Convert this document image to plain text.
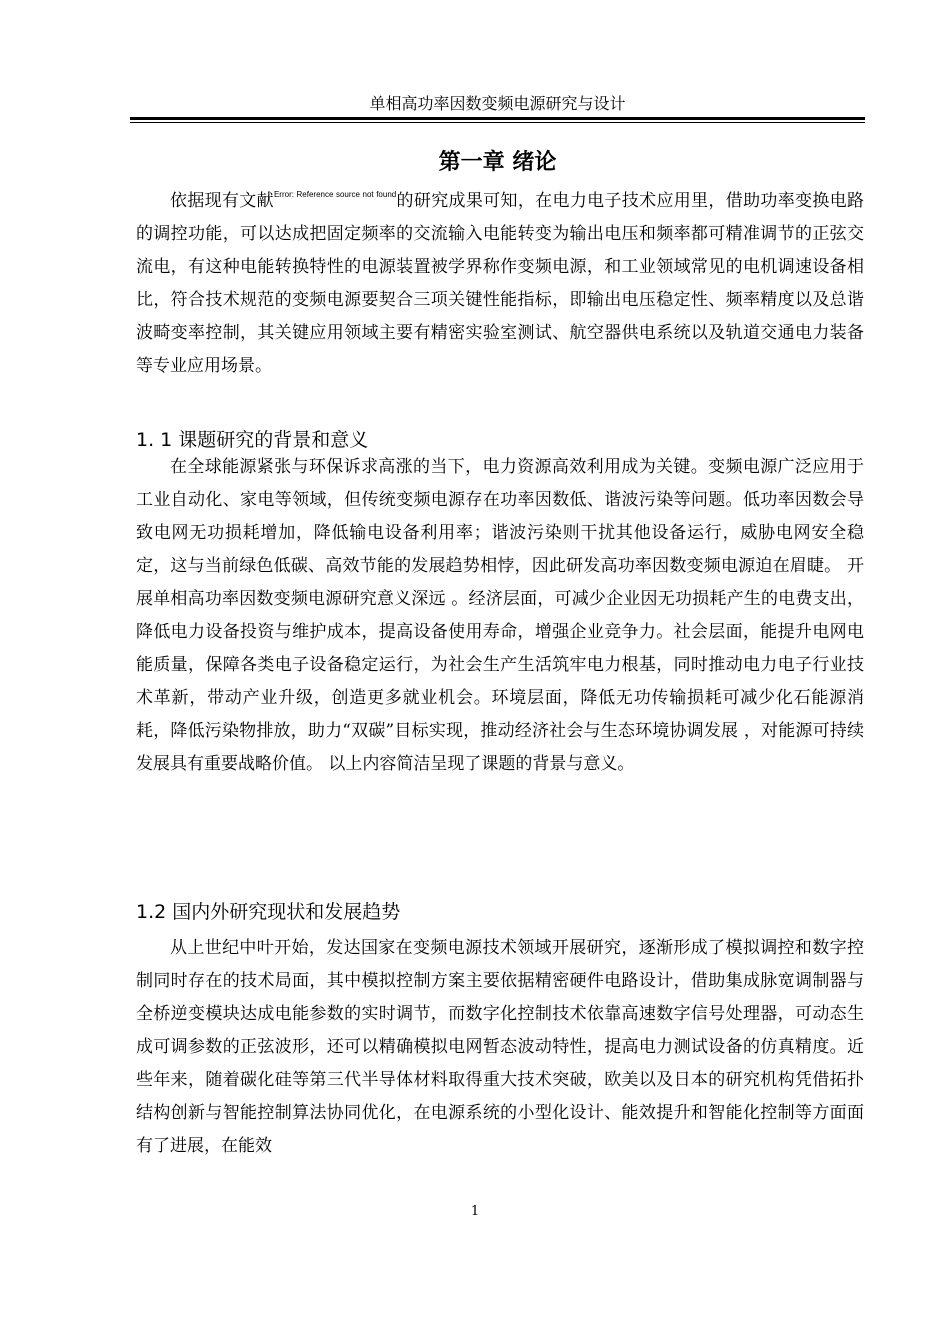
单相高功率因数变频电源研究与设计
第一章 绪论

依据现有文献$^{Error: Reference source not found}$的研究成果可知，在电力电子技术应用里，借助功率变换电路的调控功能，可以达成把固定频率的交流输入电能转变为输出电压和频率都可精准调节的正弦交流电，有这种电能转换特性的电源装置被学界称作变频电源，和工业领域常见的电机调速设备相比，符合技术规范的变频电源要契合三项关键性能指标，即输出电压稳定性、频率精度以及总谐波畸变率控制，其关键应用领域主要有精密实验室测试、航空器供电系统以及轨道交通电力装备等专业应用场景。

1. 1 课题研究的背景和意义

在全球能源紧张与环保诉求高涨的当下，电力资源高效利用成为关键。变频电源广泛应用于工业自动化、家电等领域，但传统变频电源存在功率因数低、谐波污染等问题。低功率因数会导致电网无功损耗增加，降低输电设备利用率；谐波污染则干扰其他设备运行，威胁电网安全稳定，这与当前绿色低碳、高效节能的发展趋势相悖，因此研发高功率因数变频电源迫在眉睫。 开展单相高功率因数变频电源研究意义深远 。经济层面，可减少企业因无功损耗产生的电费支出，降低电力设备投资与维护成本，提高设备使用寿命，增强企业竞争力。社会层面，能提升电网电能质量，保障各类电子设备稳定运行，为社会生产生活筑牢电力根基，同时推动电力电子行业技术革新，带动产业升级，创造更多就业机会。环境层面，降低无功传输损耗可减少化石能源消耗，降低污染物排放，助力“双碳”目标实现，推动经济社会与生态环境协调发展 ，对能源可持续发展具有重要战略价值。 以上内容简洁呈现了课题的背景与意义。

1.2 国内外研究现状和发展趋势

从上世纪中叶开始，发达国家在变频电源技术领域开展研究，逐渐形成了模拟调控和数字控制同时存在的技术局面，其中模拟控制方案主要依据精密硬件电路设计，借助集成脉宽调制器与全桥逆变模块达成电能参数的实时调节，而数字化控制技术依靠高速数字信号处理器，可动态生成可调参数的正弦波形，还可以精确模拟电网暂态波动特性，提高电力测试设备的仿真精度。近些年来，随着碳化硅等第三代半导体材料取得重大技术突破，欧美以及日本的研究机构凭借拓扑结构创新与智能控制算法协同优化，在电源系统的小型化设计、能效提升和智能化控制等方面面有了进展，在能效

1
